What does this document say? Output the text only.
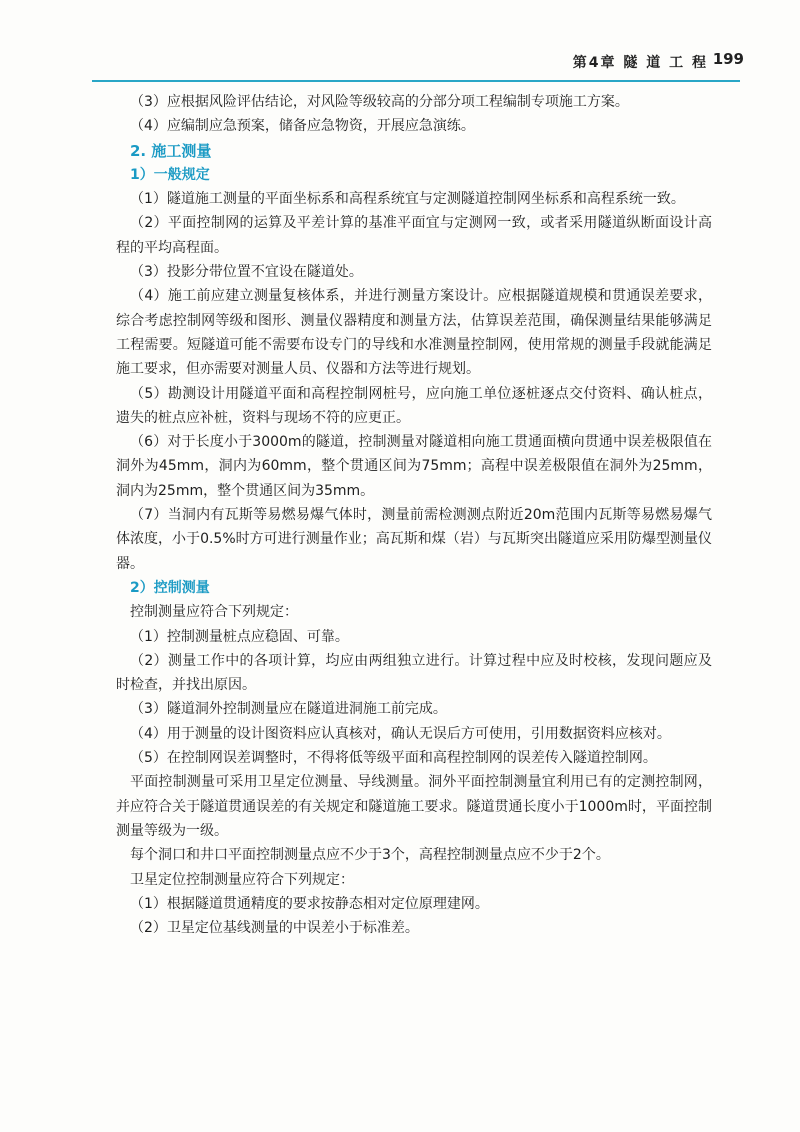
第4章 隧 道 工 程 199

（3）应根据风险评估结论，对风险等级较高的分部分项工程编制专项施工方案。

（4）应编制应急预案，储备应急物资，开展应急演练。

2. 施工测量

1）一般规定

（1）隧道施工测量的平面坐标系和高程系统宜与定测隧道控制网坐标系和高程系统一致。

（2）平面控制网的运算及平差计算的基准平面宜与定测网一致，或者采用隧道纵断面设计高程的平均高程面。

（3）投影分带位置不宜设在隧道处。

（4）施工前应建立测量复核体系，并进行测量方案设计。应根据隧道规模和贯通误差要求，综合考虑控制网等级和图形、测量仪器精度和测量方法，估算误差范围，确保测量结果能够满足工程需要。短隧道可能不需要布设专门的导线和水准测量控制网，使用常规的测量手段就能满足施工要求，但亦需要对测量人员、仪器和方法等进行规划。

（5）勘测设计用隧道平面和高程控制网桩号，应向施工单位逐桩逐点交付资料、确认桩点，遗失的桩点应补桩，资料与现场不符的应更正。

（6）对于长度小于3000m的隧道，控制测量对隧道相向施工贯通面横向贯通中误差极限值在洞外为45mm，洞内为60mm，整个贯通区间为75mm；高程中误差极限值在洞外为25mm，洞内为25mm，整个贯通区间为35mm。

（7）当洞内有瓦斯等易燃易爆气体时，测量前需检测测点附近20m范围内瓦斯等易燃易爆气体浓度，小于0.5%时方可进行测量作业；高瓦斯和煤（岩）与瓦斯突出隧道应采用防爆型测量仪器。

2）控制测量

控制测量应符合下列规定：

（1）控制测量桩点应稳固、可靠。

（2）测量工作中的各项计算，均应由两组独立进行。计算过程中应及时校核，发现问题应及时检查，并找出原因。

（3）隧道洞外控制测量应在隧道进洞施工前完成。

（4）用于测量的设计图资料应认真核对，确认无误后方可使用，引用数据资料应核对。

（5）在控制网误差调整时，不得将低等级平面和高程控制网的误差传入隧道控制网。

平面控制测量可采用卫星定位测量、导线测量。洞外平面控制测量宜利用已有的定测控制网，并应符合关于隧道贯通误差的有关规定和隧道施工要求。隧道贯通长度小于1000m时，平面控制测量等级为一级。

每个洞口和井口平面控制测量点应不少于3个，高程控制测量点应不少于2个。

卫星定位控制测量应符合下列规定：

（1）根据隧道贯通精度的要求按静态相对定位原理建网。

（2）卫星定位基线测量的中误差小于标准差。
